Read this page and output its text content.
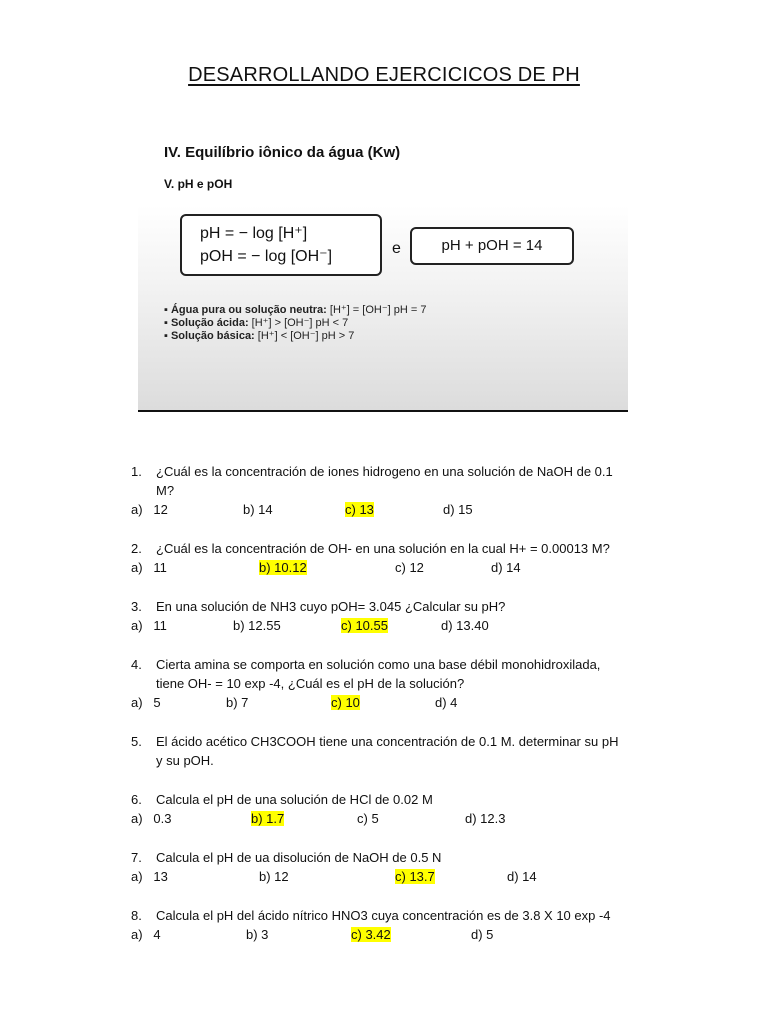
DESARROLLANDO EJERCICICOS DE PH
IV. Equilíbrio iônico da água (Kw)
V. pH e pOH
pH = − log [H⁺]
pOH = − log [OH⁻]	e	pH + pOH = 14
▪ Água pura ou solução neutra: [H⁺] = [OH⁻] pH = 7
▪ Solução ácida: [H⁺] > [OH⁻] pH < 7
▪ Solução básica: [H⁺] < [OH⁻] pH > 7
1. ¿Cuál es la concentración de iones hidrogeno en una solución de NaOH de 0.1
M?
a)   12	b) 14	c) 13	d) 15
2. ¿Cuál es la concentración de OH- en una solución en la cual H+ = 0.00013 M?
a)   11	b) 10.12	c) 12	d) 14
3. En una solución de NH3 cuyo pOH= 3.045 ¿Calcular su pH?
a)   11	b) 12.55	c) 10.55	d) 13.40
4. Cierta amina se comporta en solución como una base débil monohidroxilada,
tiene OH- = 10 exp -4, ¿Cuál es el pH de la solución?
a)   5	b) 7	c) 10	d) 4
5. El ácido acético CH3COOH tiene una concentración de 0.1 M. determinar su pH
y su pOH.
6. Calcula el pH de una solución de HCl de 0.02 M
a)   0.3	b) 1.7	c) 5	d) 12.3
7. Calcula el pH de ua disolución de NaOH de 0.5 N
a)   13	b) 12	c) 13.7	d) 14
8. Calcula el pH del ácido nítrico HNO3 cuya concentración es de 3.8 X 10 exp -4
a)   4	b) 3	c) 3.42	d) 5
